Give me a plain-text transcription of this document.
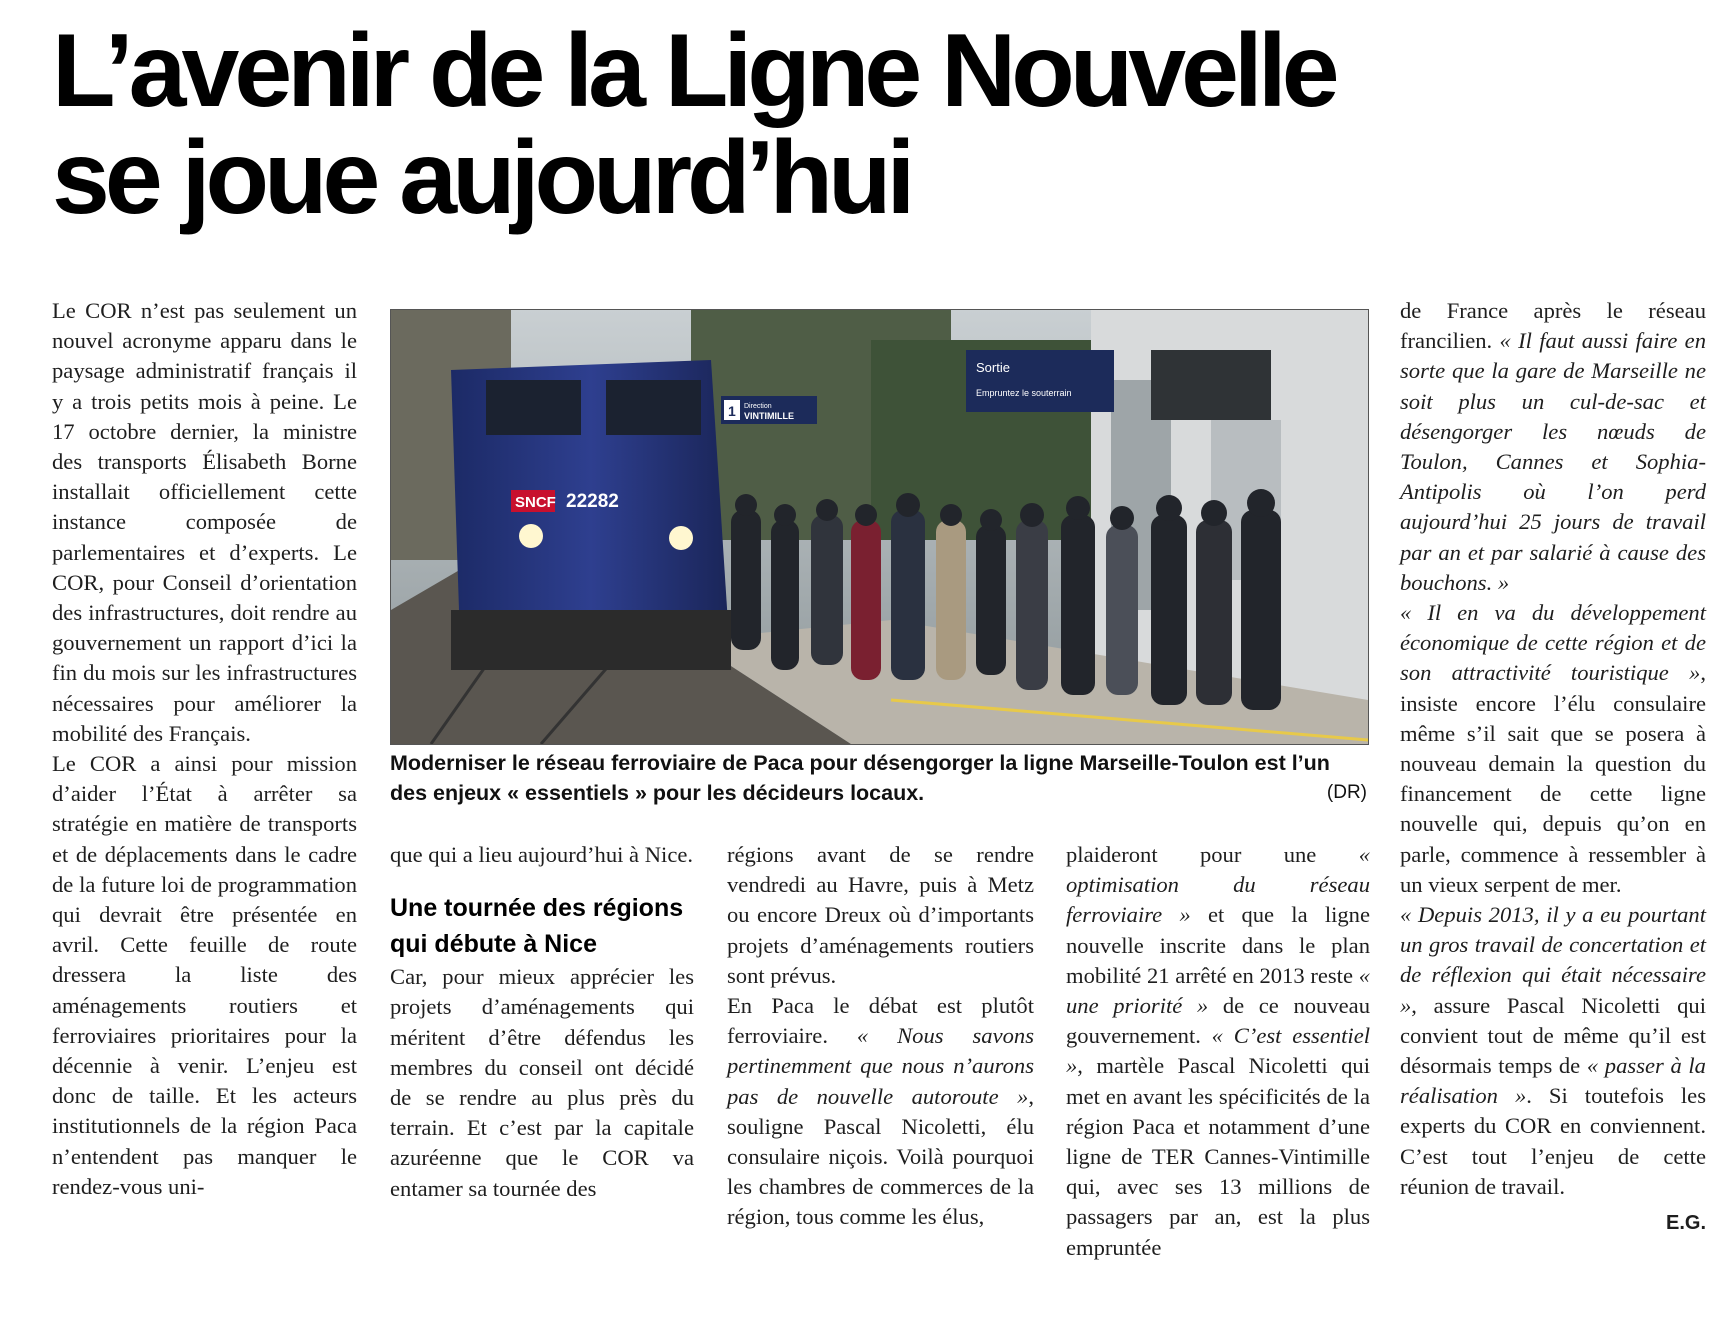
L’avenir de la Ligne Nouvelle
se joue aujourd’hui

Le COR n’est pas seulement un nouvel acronyme apparu dans le paysage administratif français il y a trois petits mois à peine. Le 17 octobre dernier, la ministre des transports Élisabeth Borne installait officiellement cette instance composée de parlementaires et d’experts. Le COR, pour Conseil d’orientation des infrastructures, doit rendre au gouvernement un rapport d’ici la fin du mois sur les infrastructures nécessaires pour améliorer la mobilité des Français.

Le COR a ainsi pour mission d’aider l’État à arrêter sa stratégie en matière de transports et de déplacements dans le cadre de la future loi de programmation qui devrait être présentée en avril. Cette feuille de route dressera la liste des aménagements routiers et ferroviaires prioritaires pour la décennie à venir. L’enjeu est donc de taille. Et les acteurs institutionnels de la région Paca n’entendent pas manquer le rendez-vous uni-

SNCF 22282
1 Direction
VINTIMILLE
Sortie
Empruntez le souterrain
Moderniser le réseau ferroviaire de Paca pour désengorger la ligne Marseille-Toulon est l’un des enjeux « essentiels » pour les décideurs locaux.	(DR)

que qui a lieu aujourd’hui à Nice.

Une tournée des régions qui débute à Nice

Car, pour mieux apprécier les projets d’aménagements qui méritent d’être défendus les membres du conseil ont décidé de se rendre au plus près du terrain. Et c’est par la capitale azuréenne que le COR va entamer sa tournée des

régions avant de se rendre vendredi au Havre, puis à Metz ou encore Dreux où d’importants projets d’aménagements routiers sont prévus.

En Paca le débat est plutôt ferroviaire. « Nous savons pertinemment que nous n’aurons pas de nouvelle autoroute », souligne Pascal Nicoletti, élu consulaire niçois. Voilà pourquoi les chambres de commerces de la région, tous comme les élus,

plaideront pour une « optimisation du réseau ferroviaire » et que la ligne nouvelle inscrite dans le plan mobilité 21 arrêté en 2013 reste « une priorité » de ce nouveau gouvernement. « C’est essentiel », martèle Pascal Nicoletti qui met en avant les spécificités de la région Paca et notamment d’une ligne de TER Cannes-Vintimille qui, avec ses 13 millions de passagers par an, est la plus empruntée

de France après le réseau francilien. « Il faut aussi faire en sorte que la gare de Marseille ne soit plus un cul-de-sac et désengorger les nœuds de Toulon, Cannes et Sophia-Antipolis où l’on perd aujourd’hui 25 jours de travail par an et par salarié à cause des bouchons. »

« Il en va du développement économique de cette région et de son attractivité touristique », insiste encore l’élu consulaire même s’il sait que se posera à nouveau demain la question du financement de cette ligne nouvelle qui, depuis qu’on en parle, commence à ressembler à un vieux serpent de mer.

« Depuis 2013, il y a eu pourtant un gros travail de concertation et de réflexion qui était nécessaire », assure Pascal Nicoletti qui convient tout de même qu’il est désormais temps de « passer à la réalisation ». Si toutefois les experts du COR en conviennent. C’est tout l’enjeu de cette réunion de travail.

E.G.
